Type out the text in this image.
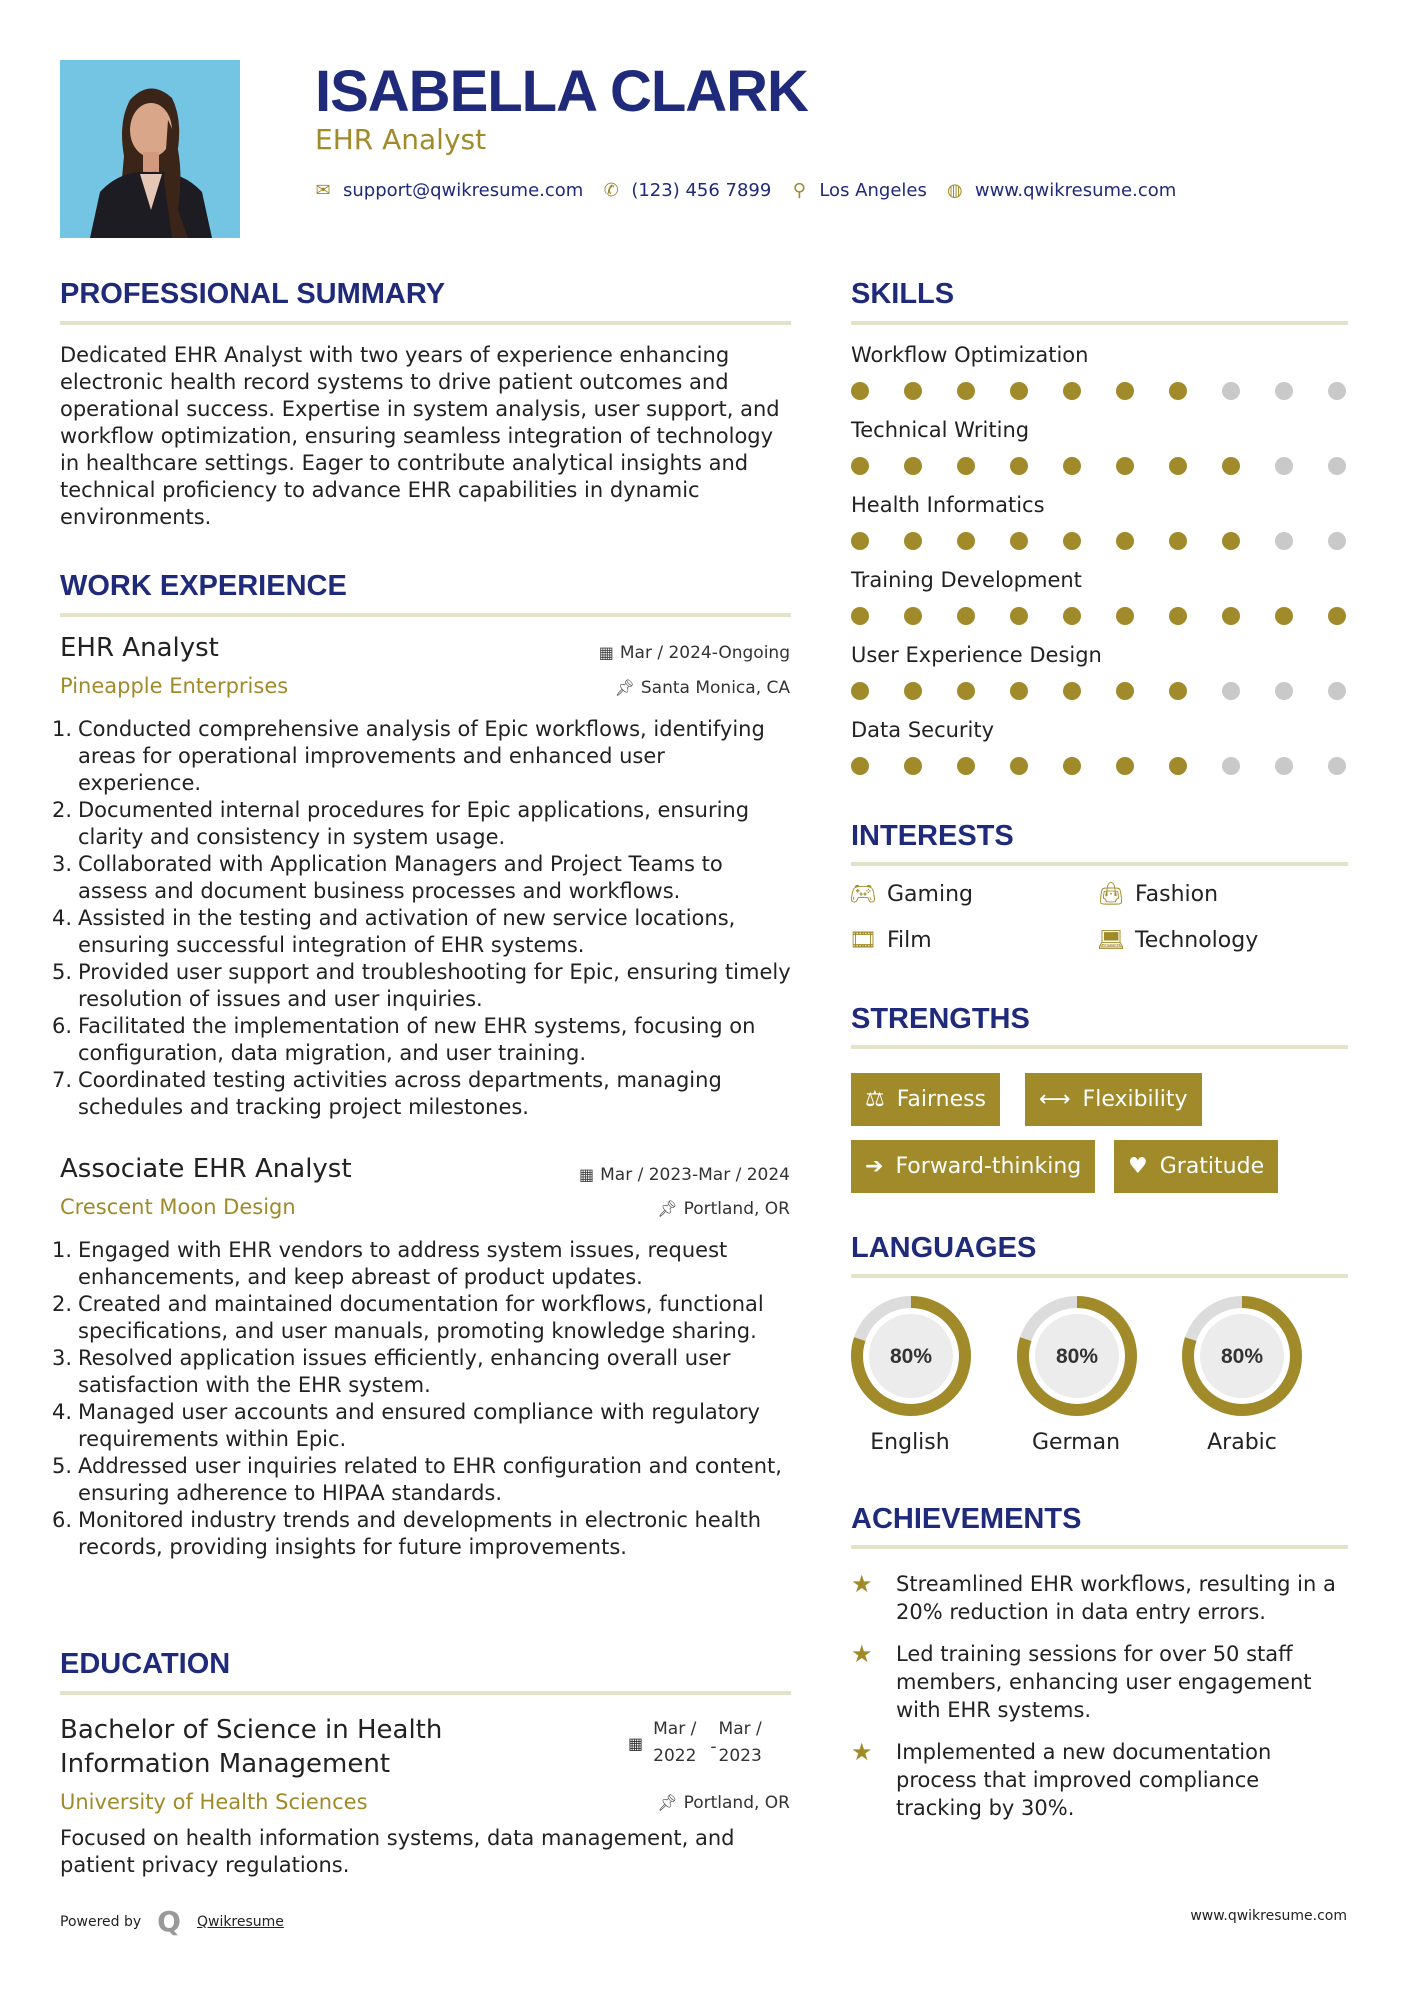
ISABELLA CLARK
EHR Analyst
✉ support@qwikresume.com ✆ (123) 456 7899 ⚲ Los Angeles ◍ www.qwikresume.com
PROFESSIONAL SUMMARY
Dedicated EHR Analyst with two years of experience enhancing electronic health record systems to drive patient outcomes and operational success. Expertise in system analysis, user support, and workflow optimization, ensuring seamless integration of technology in healthcare settings. Eager to contribute analytical insights and technical proficiency to advance EHR capabilities in dynamic environments.
WORK EXPERIENCE
EHR Analyst	▦ Mar / 2024-Ongoing
Pineapple Enterprises	📌︎ Santa Monica, CA
1. Conducted comprehensive analysis of Epic workflows, identifying areas for operational improvements and enhanced user experience.
2. Documented internal procedures for Epic applications, ensuring clarity and consistency in system usage.
3. Collaborated with Application Managers and Project Teams to assess and document business processes and workflows.
4. Assisted in the testing and activation of new service locations, ensuring successful integration of EHR systems.
5. Provided user support and troubleshooting for Epic, ensuring timely resolution of issues and user inquiries.
6. Facilitated the implementation of new EHR systems, focusing on configuration, data migration, and user training.
7. Coordinated testing activities across departments, managing schedules and tracking project milestones.
Associate EHR Analyst	▦ Mar / 2023-Mar / 2024
Crescent Moon Design	📌︎ Portland, OR
1. Engaged with EHR vendors to address system issues, request enhancements, and keep abreast of product updates.
2. Created and maintained documentation for workflows, functional specifications, and user manuals, promoting knowledge sharing.
3. Resolved application issues efficiently, enhancing overall user satisfaction with the EHR system.
4. Managed user accounts and ensured compliance with regulatory requirements within Epic.
5. Addressed user inquiries related to EHR configuration and content, ensuring adherence to HIPAA standards.
6. Monitored industry trends and developments in electronic health records, providing insights for future improvements.
EDUCATION
Bachelor of Science in Health
Information Management
▦
Mar /
2022 -
Mar /
2023
University of Health Sciences	📌︎ Portland, OR
Focused on health information systems, data management, and patient privacy regulations.
SKILLS
Workflow Optimization
Technical Writing
Health Informatics
Training Development
User Experience Design
Data Security
INTERESTS
🎮︎ Gaming	👜︎ Fashion
🎞︎ Film	💻︎ Technology
STRENGTHS
⚖ Fairness ⟷ Flexibility
➔ Forward-thinking ♥ Gratitude
LANGUAGES
80%	80%	80%
English	German	Arabic
ACHIEVEMENTS
★	Streamlined EHR workflows, resulting in a 20% reduction in data entry errors.
★	Led training sessions for over 50 staff members, enhancing user engagement with EHR systems.
★	Implemented a new documentation process that improved compliance tracking by 30%.
Powered by Q Qwikresume	www.qwikresume.com
